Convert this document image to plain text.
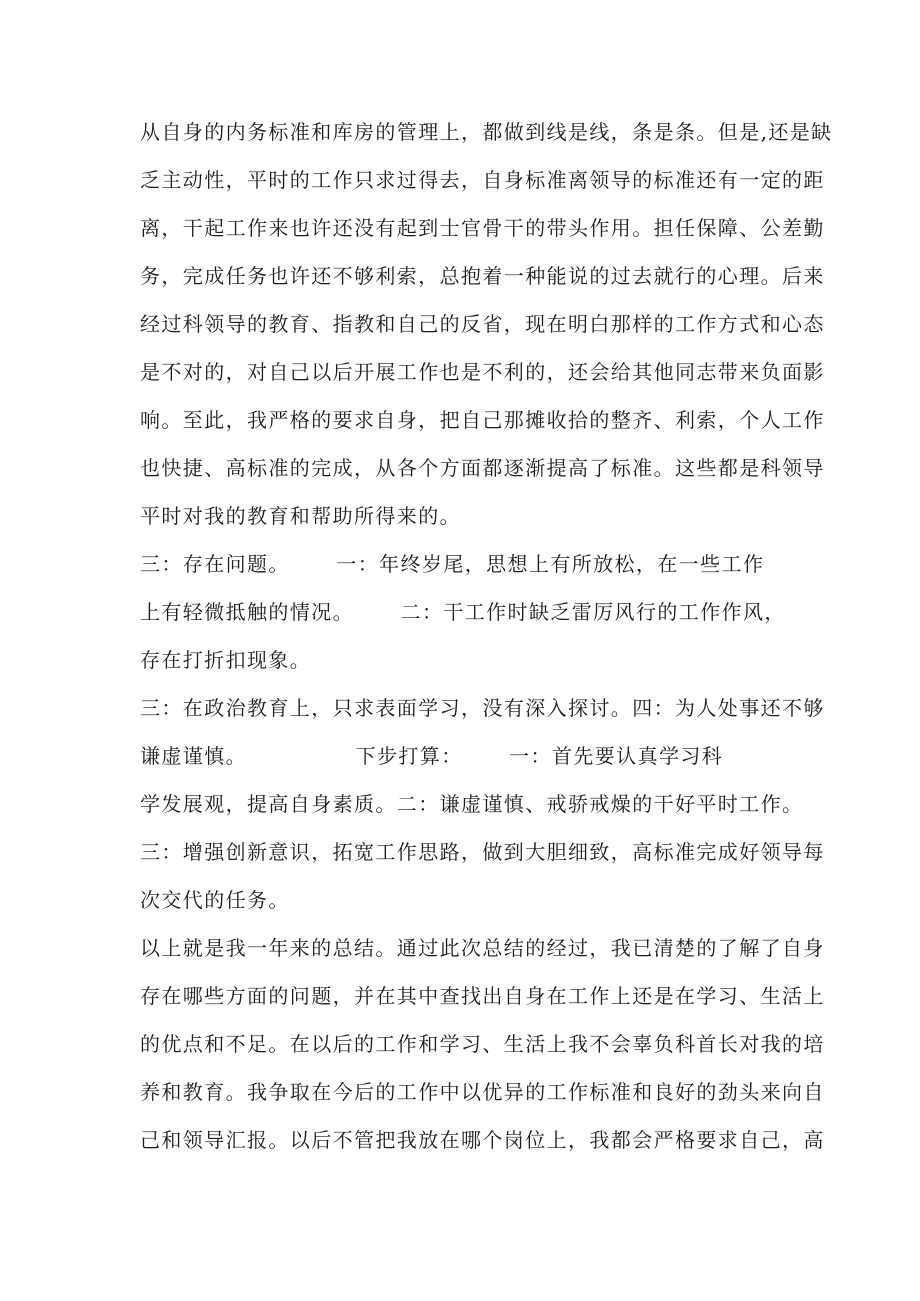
从自身的内务标准和库房的管理上，都做到线是线，条是条。但是,还是缺
乏主动性，平时的工作只求过得去，自身标准离领导的标准还有一定的距
离，干起工作来也许还没有起到士官骨干的带头作用。担任保障、公差勤
务，完成任务也许还不够利索，总抱着一种能说的过去就行的心理。后来
经过科领导的教育、指教和自己的反省，现在明白那样的工作方式和心态
是不对的，对自己以后开展工作也是不利的，还会给其他同志带来负面影
响。至此，我严格的要求自身，把自己那摊收拾的整齐、利索，个人工作
也快捷、高标准的完成，从各个方面都逐渐提高了标准。这些都是科领导
平时对我的教育和帮助所得来的。
三：存在问题。      一：年终岁尾，思想上有所放松，在一些工作
上有轻微抵触的情况。      二：干工作时缺乏雷厉风行的工作作风，
存在打折扣现象。
三：在政治教育上，只求表面学习，没有深入探讨。四：为人处事还不够
谦虚谨慎。              下步打算：      一：首先要认真学习科
学发展观，提高自身素质。二：谦虚谨慎、戒骄戒燥的干好平时工作。
三：增强创新意识，拓宽工作思路，做到大胆细致，高标准完成好领导每
次交代的任务。
以上就是我一年来的总结。通过此次总结的经过，我已清楚的了解了自身
存在哪些方面的问题，并在其中查找出自身在工作上还是在学习、生活上
的优点和不足。在以后的工作和学习、生活上我不会辜负科首长对我的培
养和教育。我争取在今后的工作中以优异的工作标准和良好的劲头来向自
己和领导汇报。以后不管把我放在哪个岗位上，我都会严格要求自己，高
